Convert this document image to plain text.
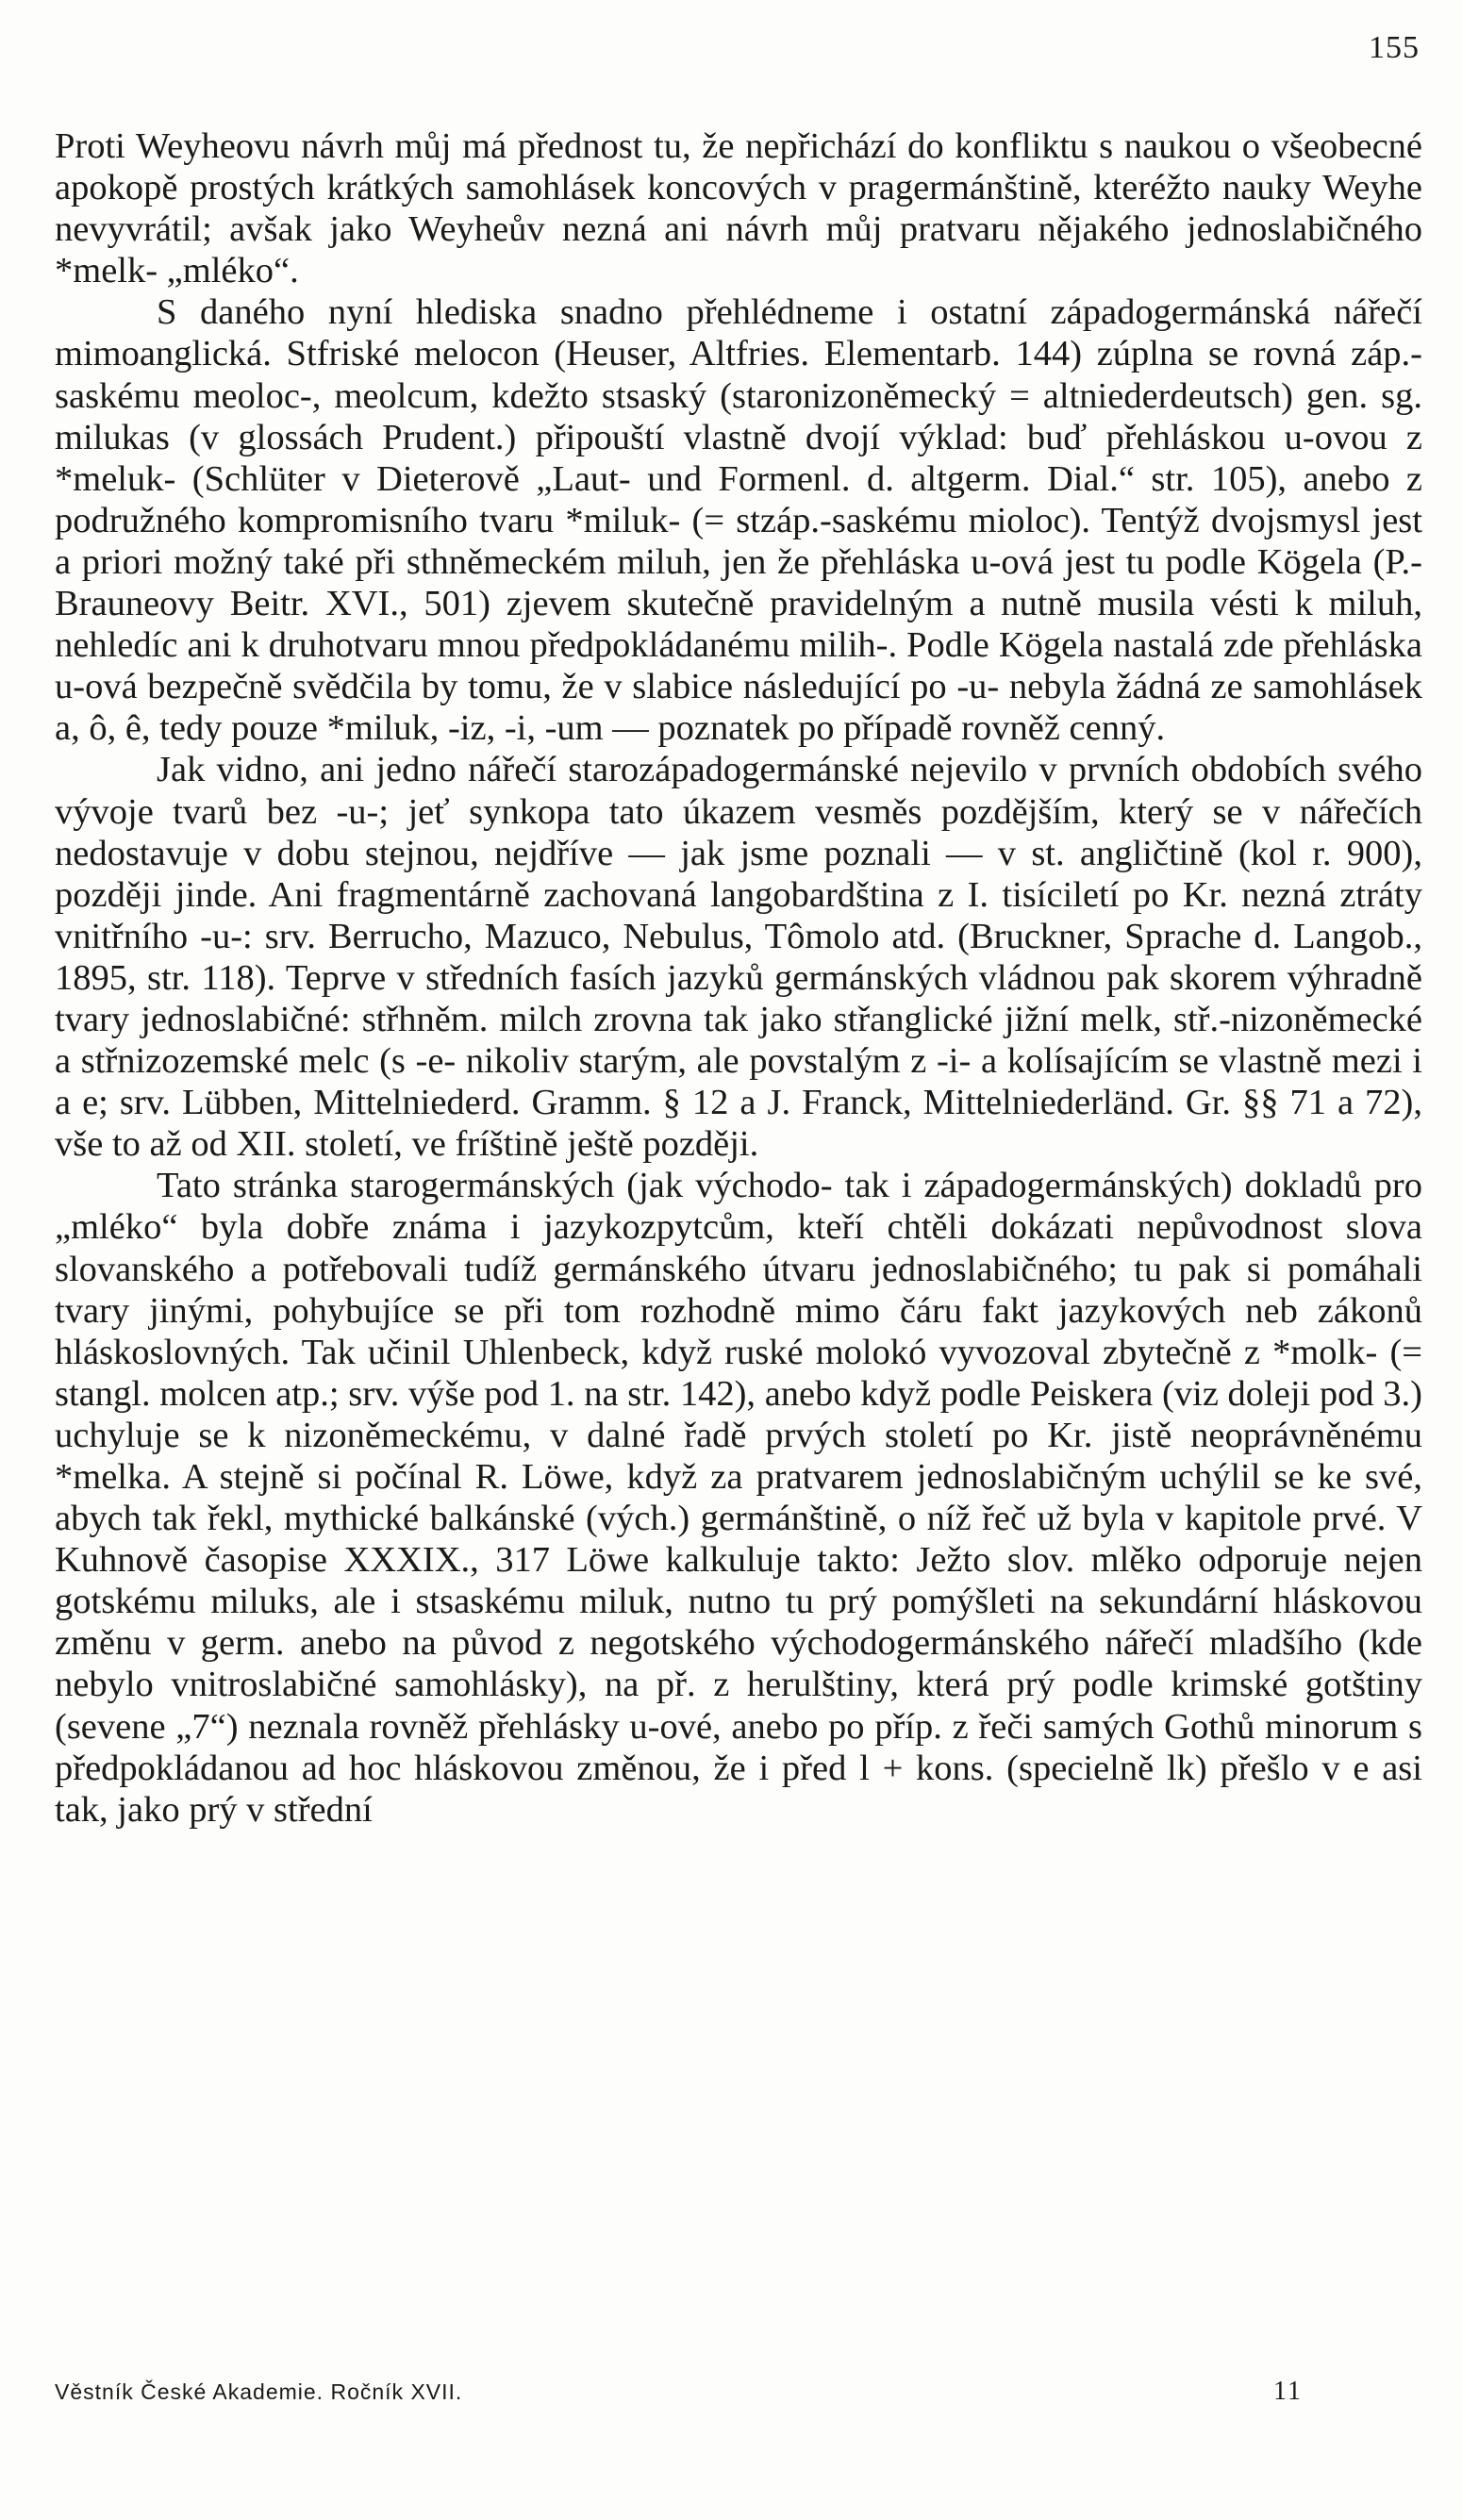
155

Proti Weyheovu návrh můj má přednost tu, že nepřichází do konfliktu s naukou o všeobecné apokopě prostých krátkých samohlásek koncových v pragermánštině, kteréžto nauky Weyhe nevyvrátil; avšak jako Weyheův nezná ani návrh můj pratvaru nějakého jednoslabičného *melk- „mléko“.

S daného nyní hlediska snadno přehlédneme i ostatní západogermánská nářečí mimoanglická. Stfriské melocon (Heuser, Altfries. Elementarb. 144) zúplna se rovná záp.-saskému meoloc-, meolcum, kdežto stsaský (staronizoněmecký = altniederdeutsch) gen. sg. milukas (v glossách Prudent.) připouští vlastně dvojí výklad: buď přehláskou u-ovou z *meluk- (Schlüter v Dieterově „Laut- und Formenl. d. altgerm. Dial.“ str. 105), anebo z podružného kompromisního tvaru *miluk- (= stzáp.-saskému mioloc). Tentýž dvojsmysl jest a priori možný také při sthněmeckém miluh, jen že přehláska u-ová jest tu podle Kögela (P.-Brauneovy Beitr. XVI., 501) zjevem skutečně pravidelným a nutně musila vésti k miluh, nehledíc ani k druhotvaru mnou předpokládanému milih-. Podle Kögela nastalá zde přehláska u-ová bezpečně svědčila by tomu, že v slabice následující po -u- nebyla žádná ze samohlásek a, ô, ê, tedy pouze *miluk, -iz, -i, -um — poznatek po případě rovněž cenný.

Jak vidno, ani jedno nářečí starozápadogermánské nejevilo v prvních obdobích svého vývoje tvarů bez -u-; jeť synkopa tato úkazem vesměs pozdějším, který se v nářečích nedostavuje v dobu stejnou, nejdříve — jak jsme poznali — v st. angličtině (kol r. 900), později jinde. Ani fragmentárně zachovaná langobardština z I. tisíciletí po Kr. nezná ztráty vnitřního -u-: srv. Berrucho, Mazuco, Nebulus, Tômolo atd. (Bruckner, Sprache d. Langob., 1895, str. 118). Teprve v středních fasích jazyků germánských vládnou pak skorem výhradně tvary jednoslabičné: střhněm. milch zrovna tak jako střanglické jižní melk, stř.-nizoněmecké a střnizozemské melc (s -e- nikoliv starým, ale povstalým z -i- a kolísajícím se vlastně mezi i a e; srv. Lübben, Mittelniederd. Gramm. § 12 a J. Franck, Mittelniederländ. Gr. §§ 71 a 72), vše to až od XII. století, ve fríštině ještě později.

Tato stránka starogermánských (jak východo- tak i západogermánských) dokladů pro „mléko“ byla dobře známa i jazykozpytcům, kteří chtěli dokázati nepůvodnost slova slovanského a potřebovali tudíž germánského útvaru jednoslabičného; tu pak si pomáhali tvary jinými, pohybujíce se při tom rozhodně mimo čáru fakt jazykových neb zákonů hláskoslovných. Tak učinil Uhlenbeck, když ruské molokó vyvozoval zbytečně z *molk- (= stangl. molcen atp.; srv. výše pod 1. na str. 142), anebo když podle Peiskera (viz doleji pod 3.) uchyluje se k nizoněmeckému, v dalné řadě prvých století po Kr. jistě neoprávněnému *melka. A stejně si počínal R. Löwe, když za pratvarem jednoslabičným uchýlil se ke své, abych tak řekl, mythické balkánské (vých.) germánštině, o níž řeč už byla v kapitole prvé. V Kuhnově časopise XXXIX., 317 Löwe kalkuluje takto: Ježto slov. mlěko odporuje nejen gotskému miluks, ale i stsaskému miluk, nutno tu prý pomýšleti na sekundární hláskovou změnu v germ. anebo na původ z negotského východogermánského nářečí mladšího (kde nebylo vnitroslabičné samohlásky), na př. z herulštiny, která prý podle krimské gotštiny (sevene „7“) neznala rovněž přehlásky u-ové, anebo po příp. z řeči samých Gothů minorum s předpokládanou ad hoc hláskovou změnou, že i před l + kons. (specielně lk) přešlo v e asi tak, jako prý v střední

Věstník České Akademie. Ročník XVII.	11
